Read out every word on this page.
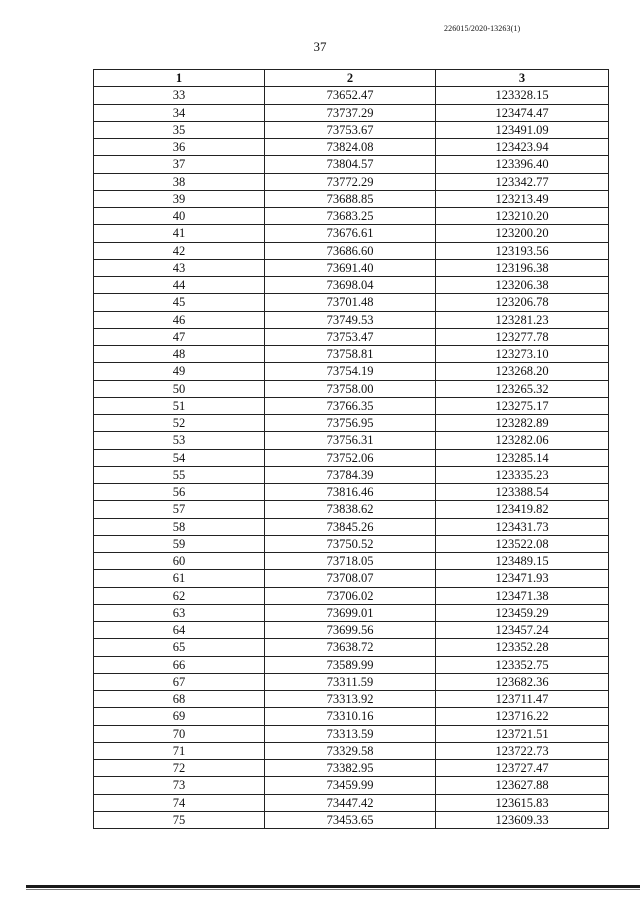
226015/2020-13263(1)
37
1	2	3
33	73652.47	123328.15
34	73737.29	123474.47
35	73753.67	123491.09
36	73824.08	123423.94
37	73804.57	123396.40
38	73772.29	123342.77
39	73688.85	123213.49
40	73683.25	123210.20
41	73676.61	123200.20
42	73686.60	123193.56
43	73691.40	123196.38
44	73698.04	123206.38
45	73701.48	123206.78
46	73749.53	123281.23
47	73753.47	123277.78
48	73758.81	123273.10
49	73754.19	123268.20
50	73758.00	123265.32
51	73766.35	123275.17
52	73756.95	123282.89
53	73756.31	123282.06
54	73752.06	123285.14
55	73784.39	123335.23
56	73816.46	123388.54
57	73838.62	123419.82
58	73845.26	123431.73
59	73750.52	123522.08
60	73718.05	123489.15
61	73708.07	123471.93
62	73706.02	123471.38
63	73699.01	123459.29
64	73699.56	123457.24
65	73638.72	123352.28
66	73589.99	123352.75
67	73311.59	123682.36
68	73313.92	123711.47
69	73310.16	123716.22
70	73313.59	123721.51
71	73329.58	123722.73
72	73382.95	123727.47
73	73459.99	123627.88
74	73447.42	123615.83
75	73453.65	123609.33
